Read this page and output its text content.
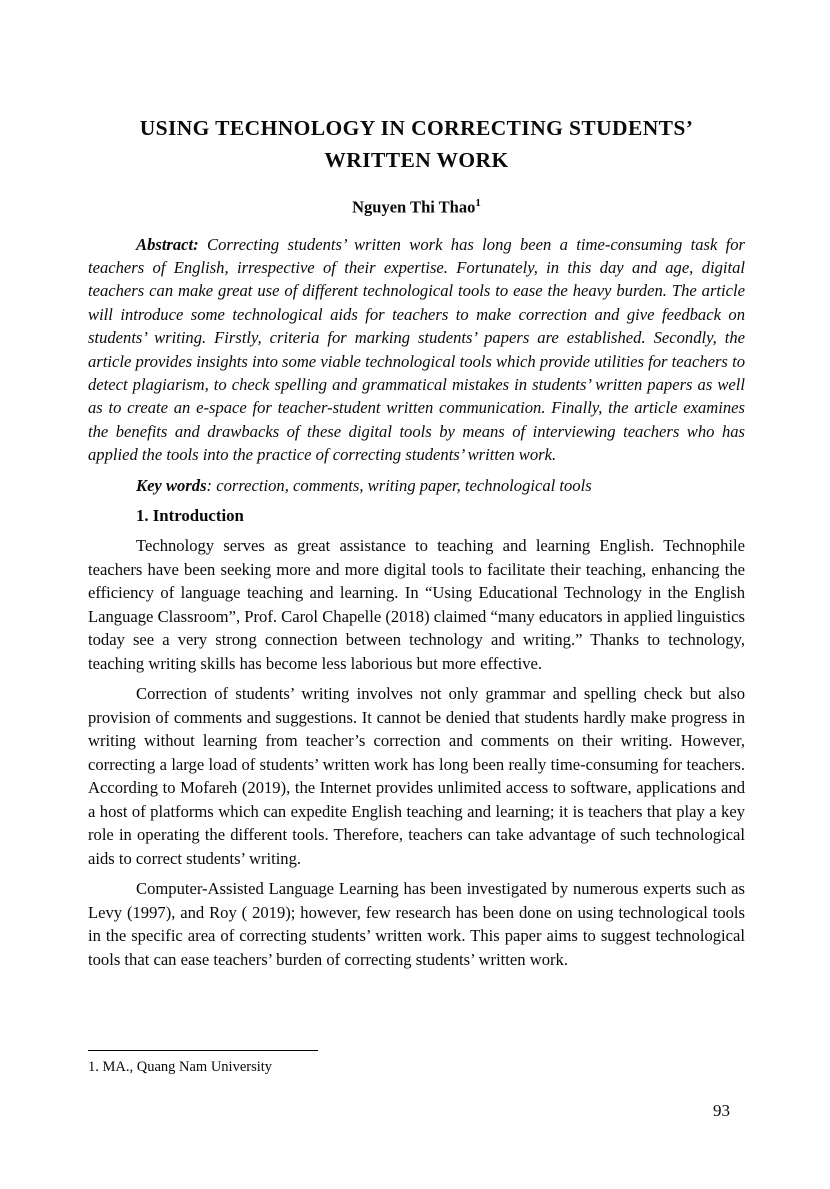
USING TECHNOLOGY IN CORRECTING STUDENTS’
WRITTEN WORK
Nguyen Thi Thao$^1$

Abstract: Correcting students’ written work has long been a time-consuming task for teachers of English, irrespective of their expertise. Fortunately, in this day and age, digital teachers can make great use of different technological tools to ease the heavy burden. The article will introduce some technological aids for teachers to make correction and give feedback on students’ writing. Firstly, criteria for marking students’ papers are established. Secondly, the article provides insights into some viable technological tools which provide utilities for teachers to detect plagiarism, to check spelling and grammatical mistakes in students’ written papers as well as to create an e-space for teacher-student written communication. Finally, the article examines the benefits and drawbacks of these digital tools by means of interviewing teachers who has applied the tools into the practice of correcting students’ written work.

Key words: correction, comments, writing paper, technological tools

1. Introduction

Technology serves as great assistance to teaching and learning English. Technophile teachers have been seeking more and more digital tools to facilitate their teaching, enhancing the efficiency of language teaching and learning. In “Using Educational Technology in the English Language Classroom”, Prof. Carol Chapelle (2018) claimed “many educators in applied linguistics today see a very strong connection between technology and writing.” Thanks to technology, teaching writing skills has become less laborious but more effective.

Correction of students’ writing involves not only grammar and spelling check but also provision of comments and suggestions. It cannot be denied that students hardly make progress in writing without learning from teacher’s correction and comments on their writing. However, correcting a large load of students’ written work has long been really time-consuming for teachers. According to Mofareh (2019), the Internet provides unlimited access to software, applications and a host of platforms which can expedite English teaching and learning; it is teachers that play a key role in operating the different tools. Therefore, teachers can take advantage of such technological aids to correct students’ writing.

Computer-Assisted Language Learning has been investigated by numerous experts such as Levy (1997), and Roy ( 2019); however, few research has been done on using technological tools in the specific area of correcting students’ written work. This paper aims to suggest technological tools that can ease teachers’ burden of correcting students’ written work.

1. MA., Quang Nam University
93
